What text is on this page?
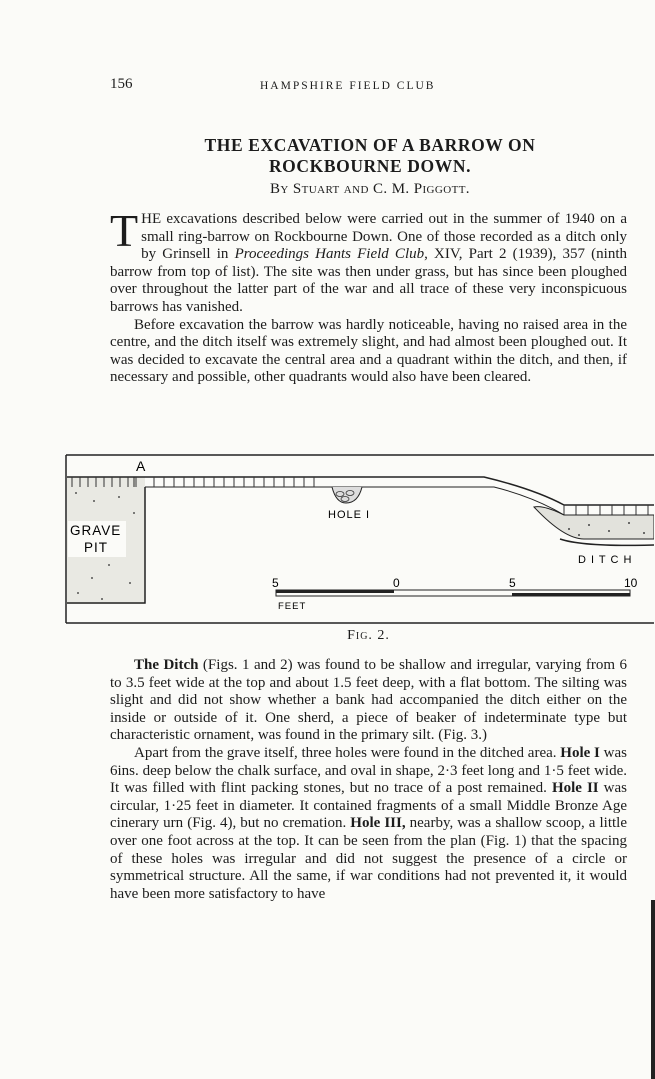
156	HAMPSHIRE FIELD CLUB
THE EXCAVATION OF A BARROW ON
ROCKBOURNE DOWN.
By Stuart and C. M. Piggott.

THE excavations described below were carried out in the summer of 1940 on a small ring-barrow on Rockbourne Down. One of those recorded as a ditch only by Grinsell in Proceedings Hants Field Club, XIV, Part 2 (1939), 357 (ninth barrow from top of list). The site was then under grass, but has since been ploughed over throughout the latter part of the war and all trace of these very inconspicuous barrows has vanished.

Before excavation the barrow was hardly noticeable, having no raised area in the centre, and the ditch itself was extremely slight, and had almost been ploughed out. It was decided to excavate the central area and a quadrant within the ditch, and then, if necessary and possible, other quadrants would also have been cleared.

A
GRAVE
PIT
HOLE I
D I T C H
5	0	5	10
FEET
Fig. 2.

The Ditch (Figs. 1 and 2) was found to be shallow and irregular, varying from 6 to 3.5 feet wide at the top and about 1.5 feet deep, with a flat bottom. The silting was slight and did not show whether a bank had accompanied the ditch either on the inside or outside of it. One sherd, a piece of beaker of indeterminate type but characteristic ornament, was found in the primary silt. (Fig. 3.)

Apart from the grave itself, three holes were found in the ditched area. Hole I was 6ins. deep below the chalk surface, and oval in shape, 2·3 feet long and 1·5 feet wide. It was filled with flint packing stones, but no trace of a post remained. Hole II was circular, 1·25 feet in diameter. It contained fragments of a small Middle Bronze Age cinerary urn (Fig. 4), but no cremation. Hole III, nearby, was a shallow scoop, a little over one foot across at the top. It can be seen from the plan (Fig. 1) that the spacing of these holes was irregular and did not suggest the presence of a circle or symmetrical structure. All the same, if war conditions had not prevented it, it would have been more satisfactory to have
